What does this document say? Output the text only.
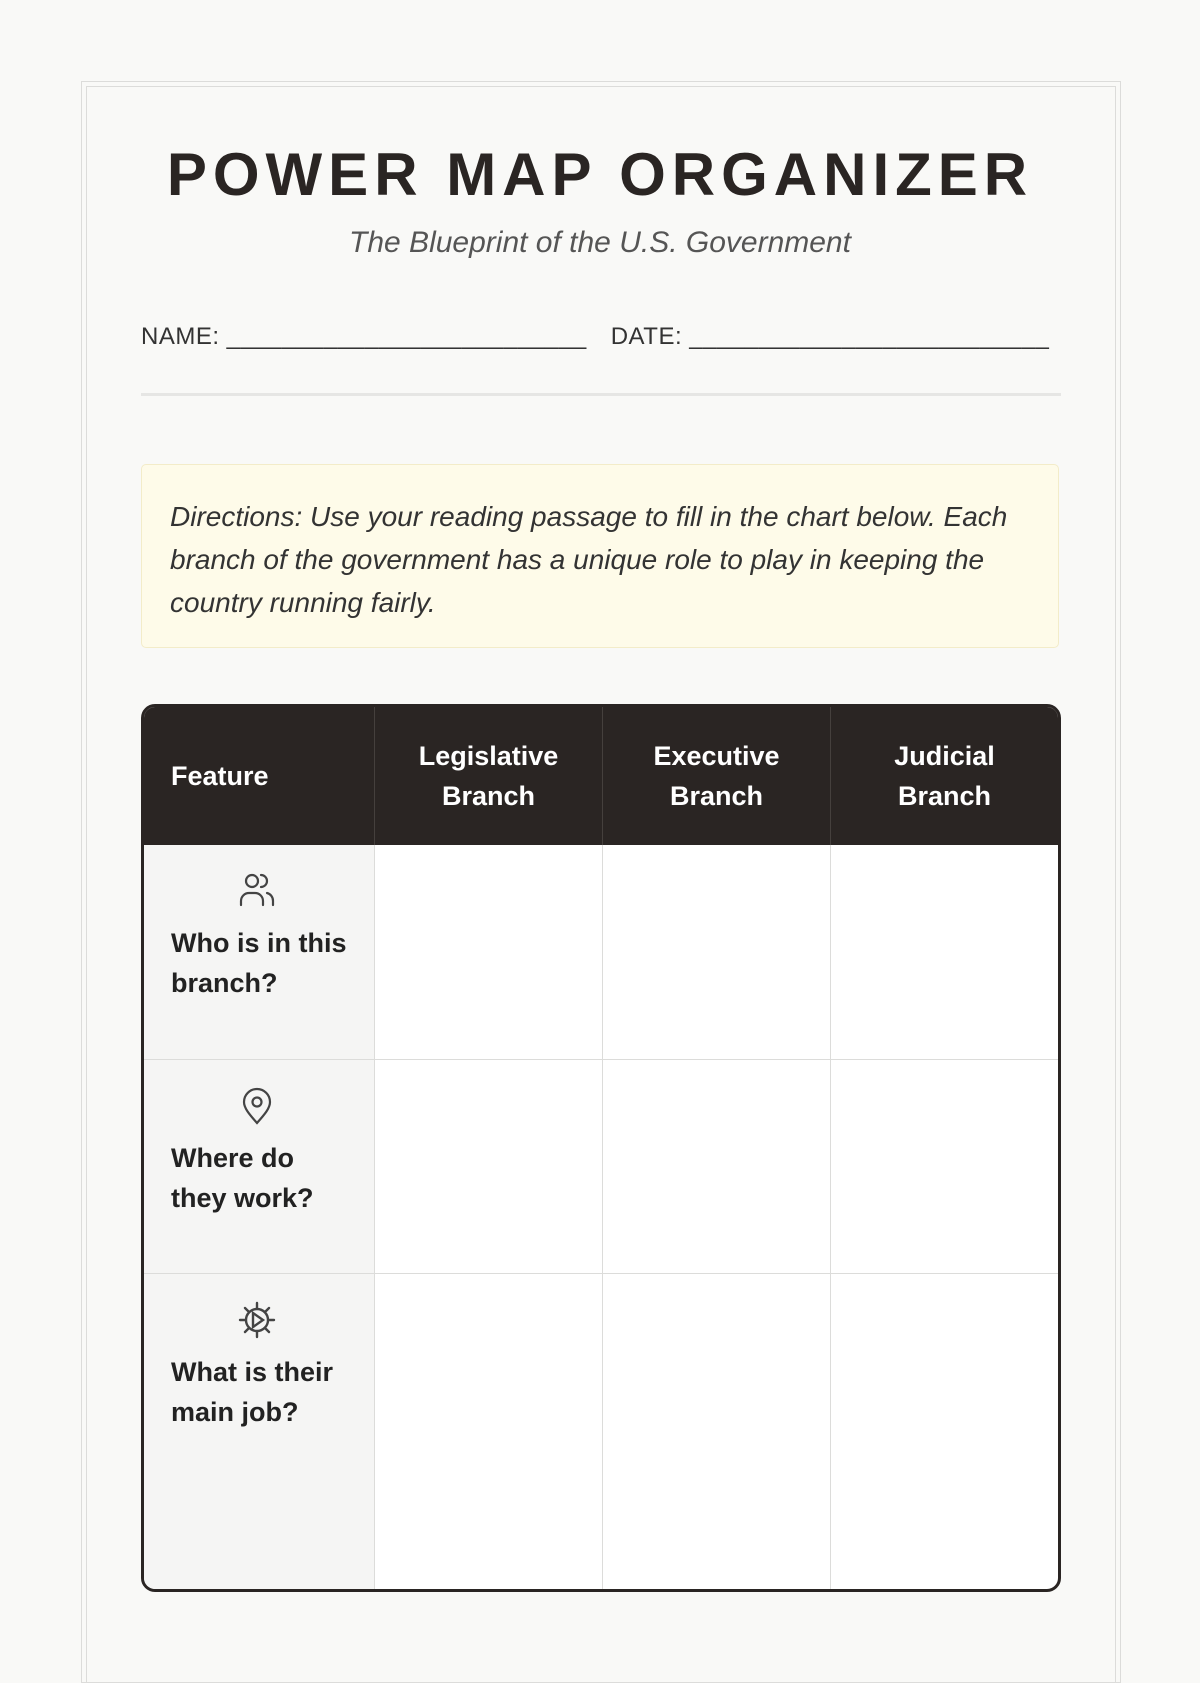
POWER MAP ORGANIZER
The Blueprint of the U.S. Government
NAME: __________________________ DATE: __________________________
Directions: Use your reading passage to fill in the chart below. Each branch of the government has a unique role to play in keeping the country running fairly.
Feature
Legislative Branch
Executive Branch
Judicial Branch
Who is in this branch?
Where do they work?
What is their main job?
